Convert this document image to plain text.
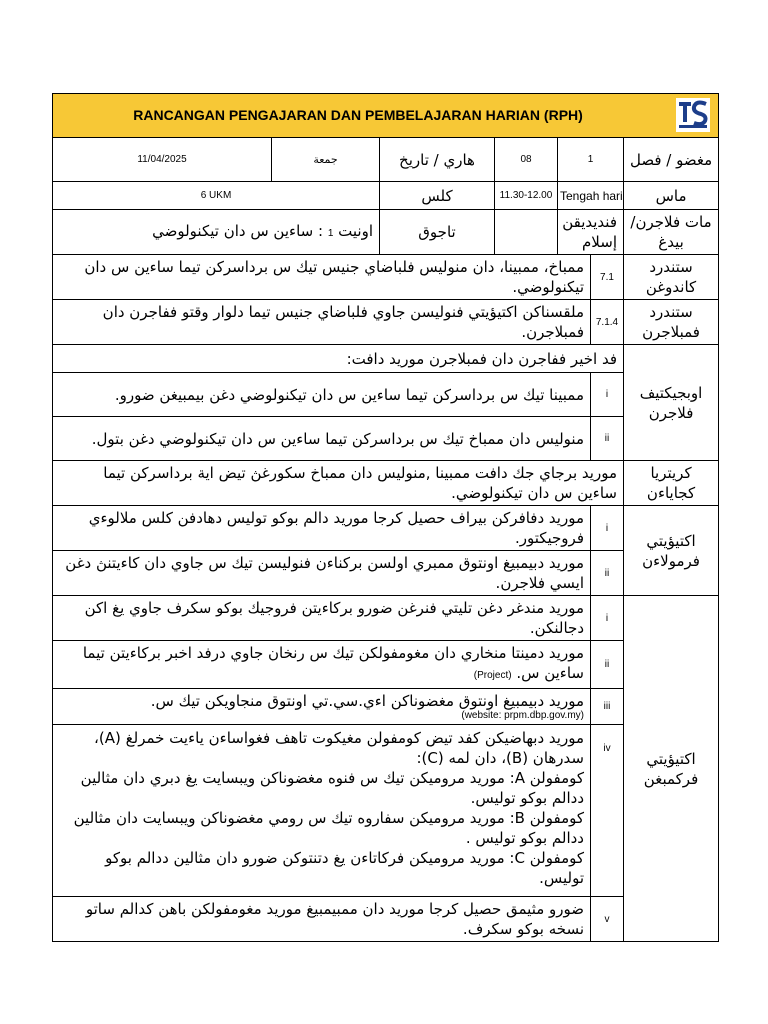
RANCANGAN PENGAJARAN DAN PEMBELAJARAN HARIAN (RPH)						

11/04/2025	جمعة	هاري / تاريخ	08	1		مغضو / فصل
6 UKM		كلس	11.30-12.00	Tengah hari		ماس
اونيت 1 : ساءين س دان تيكنولوضي		تاجوق		فنديديقن إسلام		مات فلاجرن/ بيدغ
ممباخ، ممبينا، دان منوليس فلباضاي جنيس تيك س برداسركن تيما ساءين س دان تيكنولوضي.					7.1	ستندرد كاندوغن
ملقسناكن اكتيؤيتي فنوليسن جاوي فلباضاي جنيس تيما دلوار وقتو ففاجرن دان فمبلاجرن.					7.1.4	ستندرد فمبلاجرن
فد اخير ففاجرن دان فمبلاجرن موريد دافت:						اوبجيكتيف فلاجرن
ممبينا تيك س برداسركن تيما ساءين س دان تيكنولوضي دغن بيمبيغن ضورو.					i	
منوليس دان ممباخ تيك س برداسركن تيما ساءين س دان تيكنولوضي دغن بتول.					ii	
موريد برجاي جك دافت ممبينا ,منوليس دان ممباخ سكورغڽ تيض اية برداسركن تيما ساءين س دان تيكنولوضي.						كريتريا كجاياءن
موريد دفافركن بيراف حصيل كرجا موريد دالم بوكو توليس دهادفن كلس ملالوءي فروجيكتور.					i	اكتيؤيتي فرمولاءن
موريد دبيمبيغ اونتوق ممبري اولسن بركناءن فنوليسن تيك س جاوي دان كاءيتنڽ دغن ايسي فلاجرن.					ii	
موريد مندغر دغن تليتي فنرغن ضورو بركاءيتن فروجيك بوكو سكرف جاوي يغ اكن دجالنكن.					i	اكتيؤيتي فركمبغن
موريد دمينتا منخاري دان مغومفولكن تيك س رنخان جاوي درفد اخبر بركاءيتن تيما ساءين س. (Project)					ii	
موريد دبيمبيغ اونتوق مغضوناكن اءي.سي.تي اونتوق منجاويكن تيك س.
(website: prpm.dbp.gov.my)					iii	

موريد دبهاضيكن كفد تيض كومفولن مغيكوت تاهف فغواساءن ياءيت خمرلغ (A)، سدرهان (B)، دان لمه (C):
كومفولن A: موريد مروميكن تيك س فنوه مغضوناكن ويبسايت يغ دبري دان مثالين ددالم بوكو توليس.
كومفولن B: موريد مروميكن سفاروه تيك س رومي مغضوناكن ويبسايت دان مثالين ددالم بوكو توليس .
كومفولن C: موريد مروميكن فركاتاءن يغ دتنتوكن ضورو دان مثالين ددالم بوكو توليس.					iv	
ضورو مثيمق حصيل كرجا موريد دان ممبيمبيغ موريد مغومفولكن باهن كدالم ساتو نسخه بوكو سكرف.					v	
